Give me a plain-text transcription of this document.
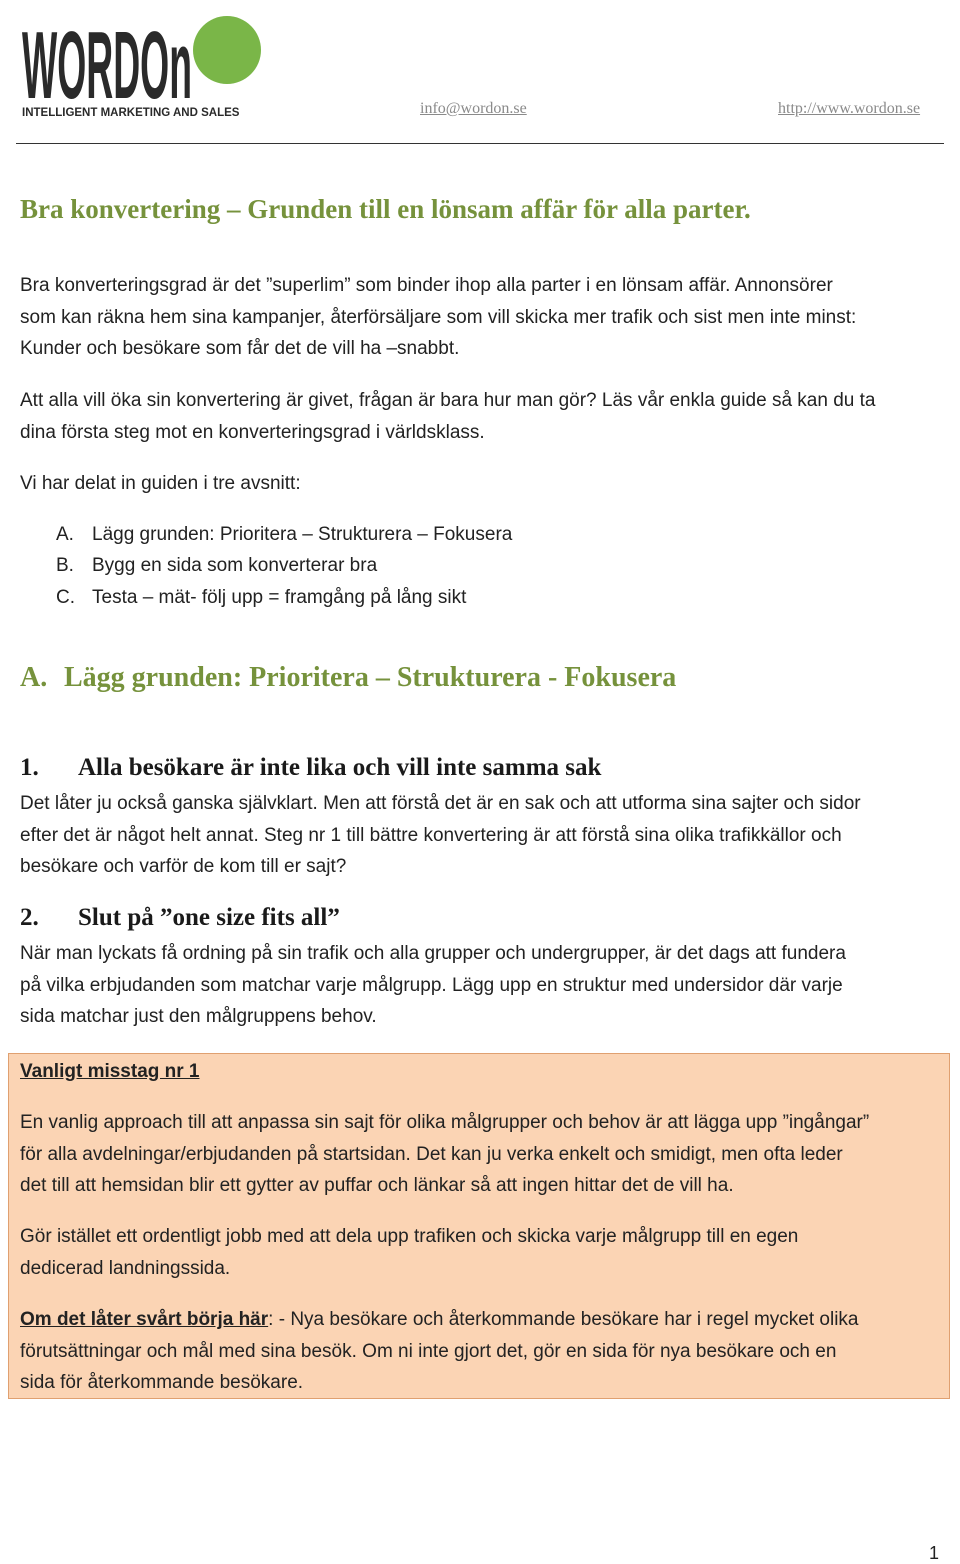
WORDOn
INTELLIGENT MARKETING AND SALES	info@wordon.se	http://www.wordon.se
Bra konvertering – Grunden till en lönsam affär för alla parter.
Bra konverteringsgrad är det ”superlim” som binder ihop alla parter i en lönsam affär. Annonsörer
som kan räkna hem sina kampanjer, återförsäljare som vill skicka mer trafik och sist men inte minst:
Kunder och besökare som får det de vill ha –snabbt.
Att alla vill öka sin konvertering är givet, frågan är bara hur man gör? Läs vår enkla guide så kan du ta
dina första steg mot en konverteringsgrad i världsklass.
Vi har delat in guiden i tre avsnitt:
A. Lägg grunden: Prioritera – Strukturera – Fokusera
B. Bygg en sida som konverterar bra
C. Testa – mät- följ upp = framgång på lång sikt
A. Lägg grunden: Prioritera – Strukturera - Fokusera
1. Alla besökare är inte lika och vill inte samma sak
Det låter ju också ganska självklart. Men att förstå det är en sak och att utforma sina sajter och sidor
efter det är något helt annat. Steg nr 1 till bättre konvertering är att förstå sina olika trafikkällor och
besökare och varför de kom till er sajt?
2. Slut på ”one size fits all”
När man lyckats få ordning på sin trafik och alla grupper och undergrupper, är det dags att fundera
på vilka erbjudanden som matchar varje målgrupp. Lägg upp en struktur med undersidor där varje
sida matchar just den målgruppens behov.
Vanligt misstag nr 1
En vanlig approach till att anpassa sin sajt för olika målgrupper och behov är att lägga upp ”ingångar”
för alla avdelningar/erbjudanden på startsidan. Det kan ju verka enkelt och smidigt, men ofta leder
det till att hemsidan blir ett gytter av puffar och länkar så att ingen hittar det de vill ha.
Gör istället ett ordentligt jobb med att dela upp trafiken och skicka varje målgrupp till en egen
dedicerad landningssida.
Om det låter svårt börja här: - Nya besökare och återkommande besökare har i regel mycket olika
förutsättningar och mål med sina besök. Om ni inte gjort det, gör en sida för nya besökare och en
sida för återkommande besökare.
1
